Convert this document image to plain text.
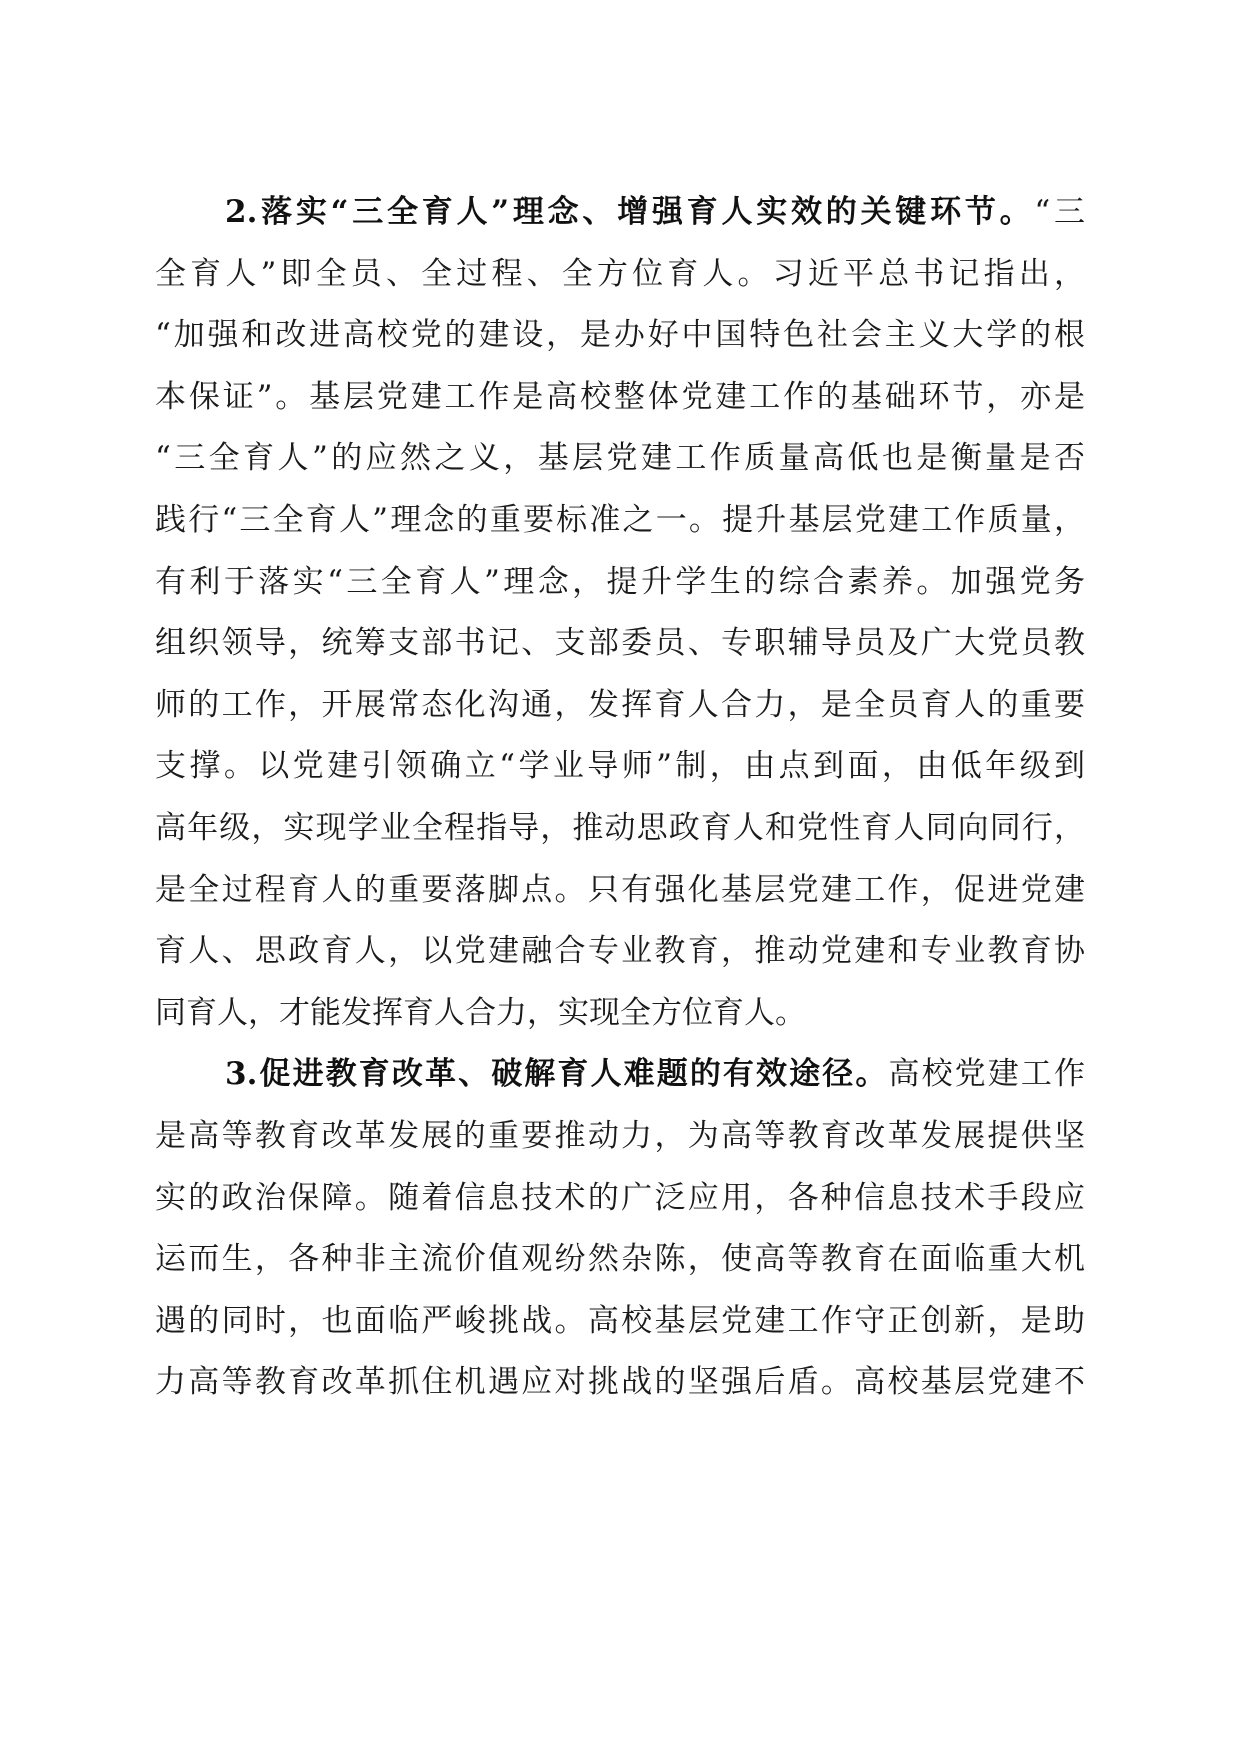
2.落实“三全育人”理念、增强育人实效的关键环节。“三
全育人”即全员、全过程、全方位育人。习近平总书记指出，
“加强和改进高校党的建设，是办好中国特色社会主义大学的根
本保证”。基层党建工作是高校整体党建工作的基础环节，亦是
“三全育人”的应然之义，基层党建工作质量高低也是衡量是否
践行“三全育人”理念的重要标准之一。提升基层党建工作质量，
有利于落实“三全育人”理念，提升学生的综合素养。加强党务
组织领导，统筹支部书记、支部委员、专职辅导员及广大党员教
师的工作，开展常态化沟通，发挥育人合力，是全员育人的重要
支撑。以党建引领确立“学业导师”制，由点到面，由低年级到
高年级，实现学业全程指导，推动思政育人和党性育人同向同行，
是全过程育人的重要落脚点。只有强化基层党建工作，促进党建
育人、思政育人，以党建融合专业教育，推动党建和专业教育协
同育人，才能发挥育人合力，实现全方位育人。
3.促进教育改革、破解育人难题的有效途径。高校党建工作
是高等教育改革发展的重要推动力，为高等教育改革发展提供坚
实的政治保障。随着信息技术的广泛应用，各种信息技术手段应
运而生，各种非主流价值观纷然杂陈，使高等教育在面临重大机
遇的同时，也面临严峻挑战。高校基层党建工作守正创新，是助
力高等教育改革抓住机遇应对挑战的坚强后盾。高校基层党建不
